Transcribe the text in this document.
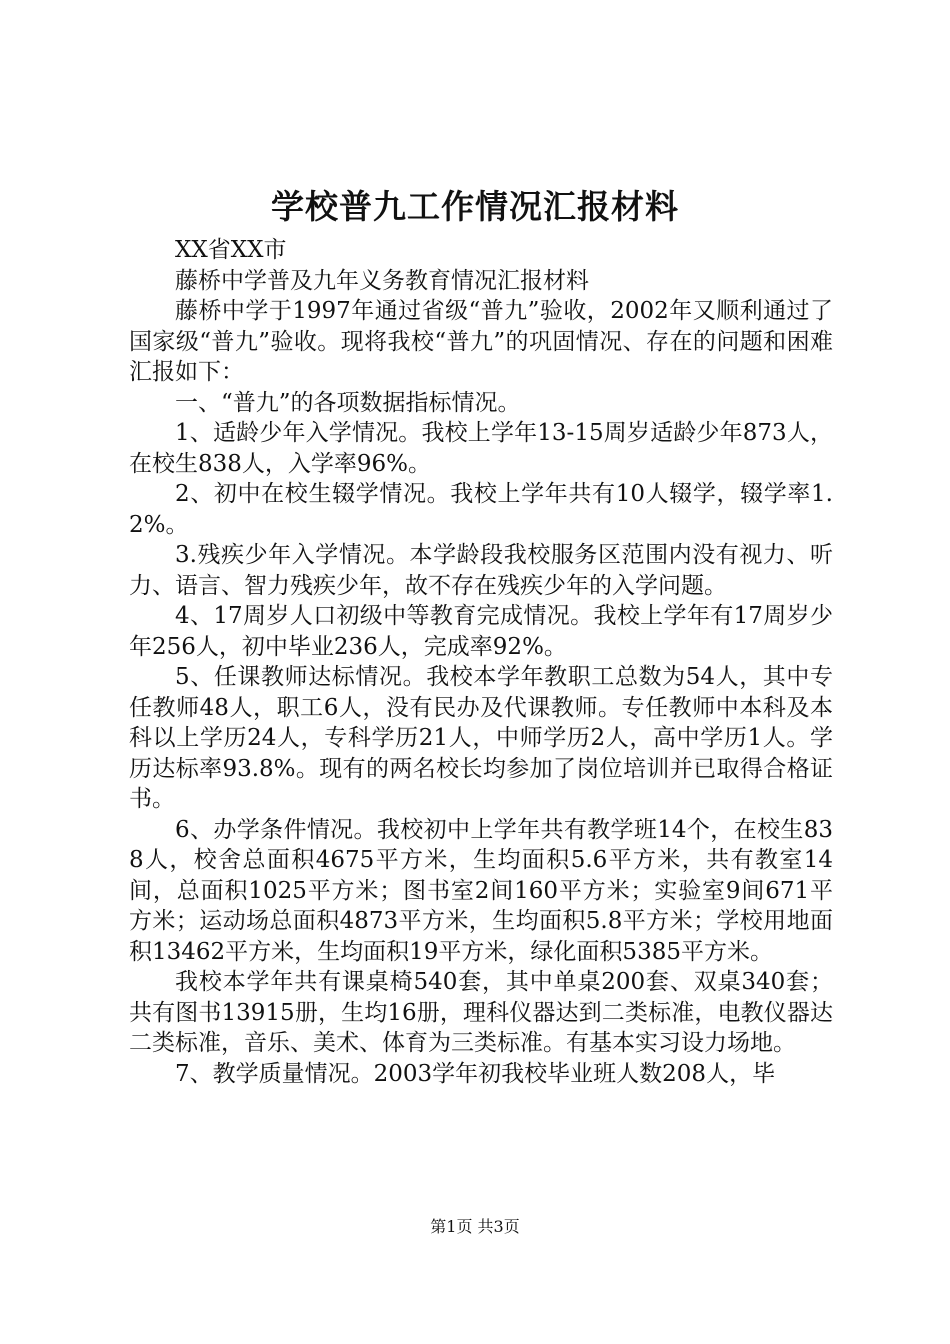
学校普九工作情况汇报材料

XX省XX市

藤桥中学普及九年义务教育情况汇报材料

藤桥中学于1997年通过省级“普九”验收，2002年又顺利通过了国家级“普九”验收。现将我校“普九”的巩固情况、存在的问题和困难汇报如下：

一、“普九”的各项数据指标情况。

1、适龄少年入学情况。我校上学年13-15周岁适龄少年873人，在校生838人，入学率96%。

2、初中在校生辍学情况。我校上学年共有10人辍学，辍学率1.2%。

3.残疾少年入学情况。本学龄段我校服务区范围内没有视力、听力、语言、智力残疾少年，故不存在残疾少年的入学问题。

4、17周岁人口初级中等教育完成情况。我校上学年有17周岁少年256人，初中毕业236人，完成率92%。

5、任课教师达标情况。我校本学年教职工总数为54人，其中专任教师48人，职工6人，没有民办及代课教师。专任教师中本科及本科以上学历24人，专科学历21人，中师学历2人，高中学历1人。学历达标率93.8%。现有的两名校长均参加了岗位培训并已取得合格证书。

6、办学条件情况。我校初中上学年共有教学班14个，在校生838人，校舍总面积4675平方米，生均面积5.6平方米，共有教室14间，总面积1025平方米；图书室2间160平方米；实验室9间671平方米；运动场总面积4873平方米，生均面积5.8平方米；学校用地面积13462平方米，生均面积19平方米，绿化面积5385平方米。

我校本学年共有课桌椅540套，其中单桌200套、双桌340套；共有图书13915册，生均16册，理科仪器达到二类标准，电教仪器达二类标准，音乐、美术、体育为三类标准。有基本实习设力场地。

7、教学质量情况。2003学年初我校毕业班人数208人，毕

第1页 共3页
